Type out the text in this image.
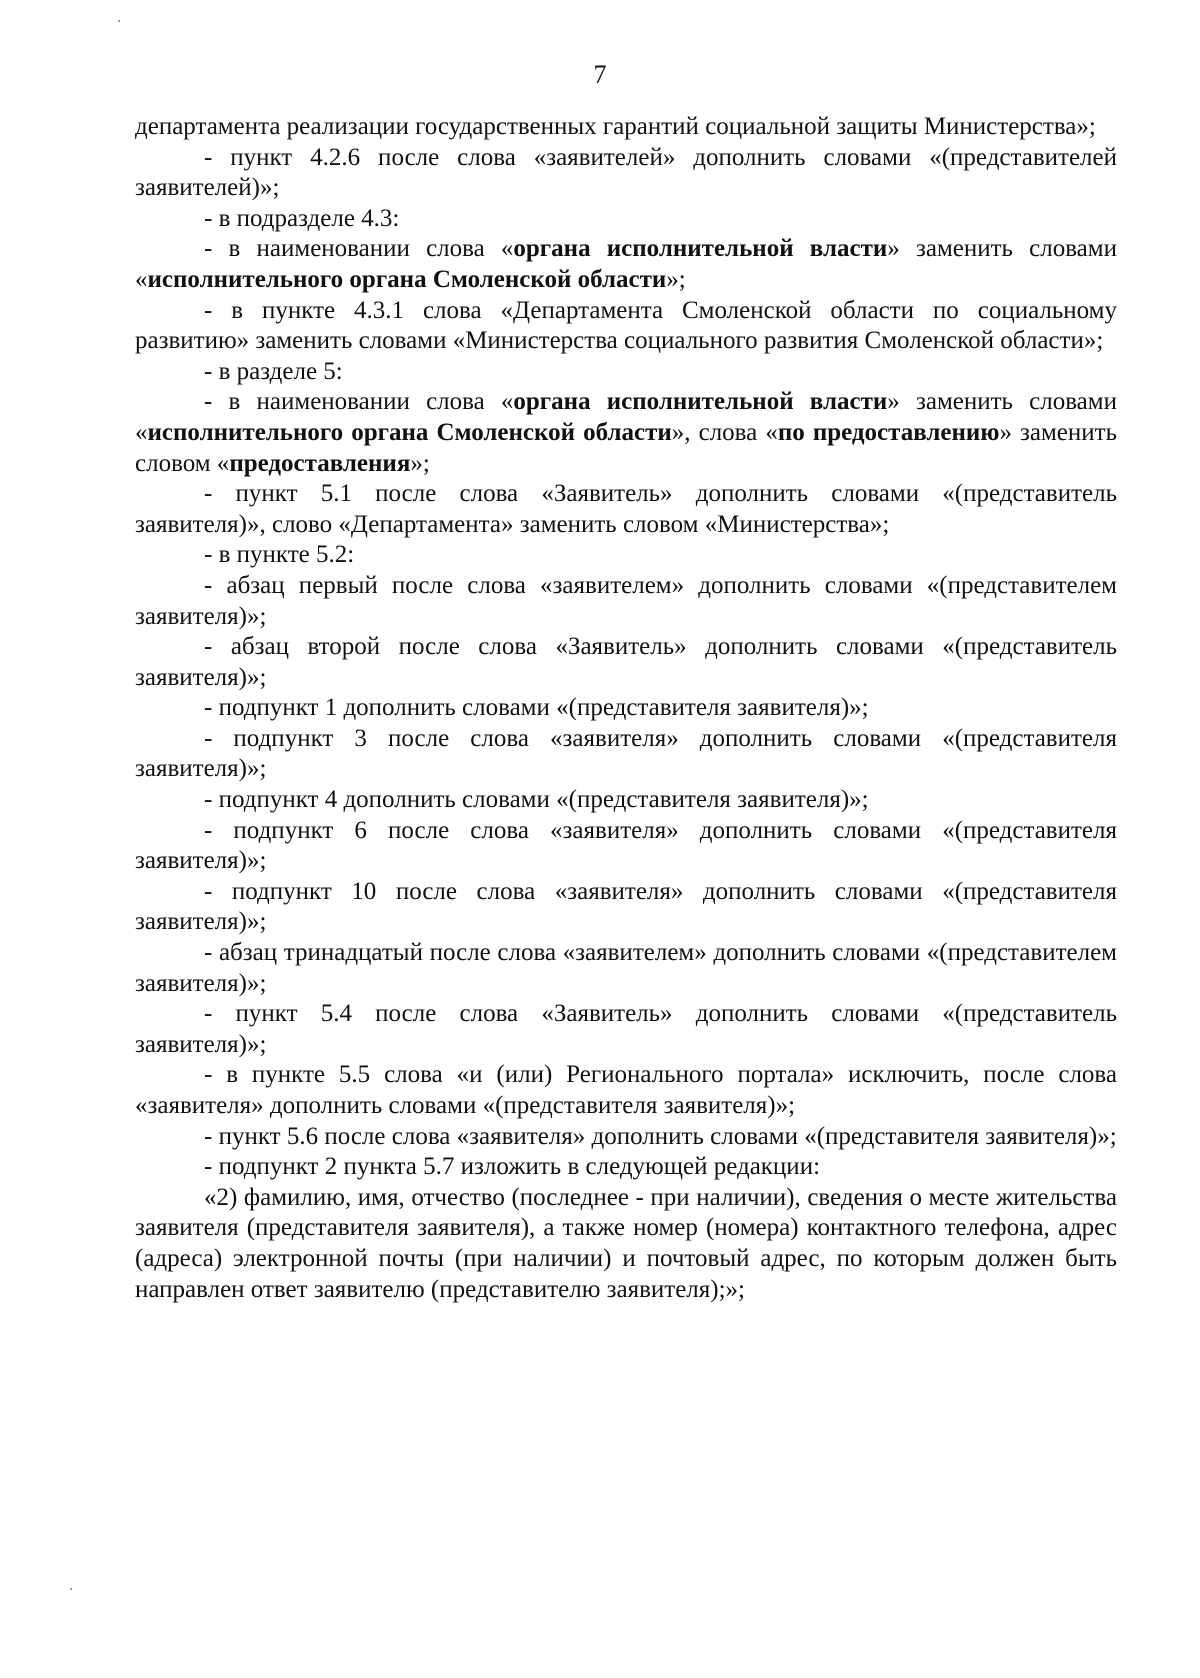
7

департамента реализации государственных гарантий социальной защиты Министерства»;

- пункт 4.2.6 после слова «заявителей» дополнить словами «(представителей заявителей)»;

- в подразделе 4.3:

- в наименовании слова «органа исполнительной власти» заменить словами «исполнительного органа Смоленской области»;

- в пункте 4.3.1 слова «Департамента Смоленской области по социальному развитию» заменить словами «Министерства социального развития Смоленской области»;

- в разделе 5:

- в наименовании слова «органа исполнительной власти» заменить словами «исполнительного органа Смоленской области», слова «по предоставлению» заменить словом «предоставления»;

- пункт 5.1 после слова «Заявитель» дополнить словами «(представитель заявителя)», слово «Департамента» заменить словом «Министерства»;

- в пункте 5.2:

- абзац первый после слова «заявителем» дополнить словами «(представителем заявителя)»;

- абзац второй после слова «Заявитель» дополнить словами «(представитель заявителя)»;

- подпункт 1 дополнить словами «(представителя заявителя)»;

- подпункт 3 после слова «заявителя» дополнить словами «(представителя заявителя)»;

- подпункт 4 дополнить словами «(представителя заявителя)»;

- подпункт 6 после слова «заявителя» дополнить словами «(представителя заявителя)»;

- подпункт 10 после слова «заявителя» дополнить словами «(представителя заявителя)»;

- абзац тринадцатый после слова «заявителем» дополнить словами «(представителем заявителя)»;

- пункт 5.4 после слова «Заявитель» дополнить словами «(представитель заявителя)»;

- в пункте 5.5 слова «и (или) Регионального портала» исключить, после слова «заявителя» дополнить словами «(представителя заявителя)»;

- пункт 5.6 после слова «заявителя» дополнить словами «(представителя заявителя)»;

- подпункт 2 пункта 5.7 изложить в следующей редакции:

«2) фамилию, имя, отчество (последнее - при наличии), сведения о месте жительства заявителя (представителя заявителя), а также номер (номера) контактного телефона, адрес (адреса) электронной почты (при наличии) и почтовый адрес, по которым должен быть направлен ответ заявителю (представителю заявителя);»;
